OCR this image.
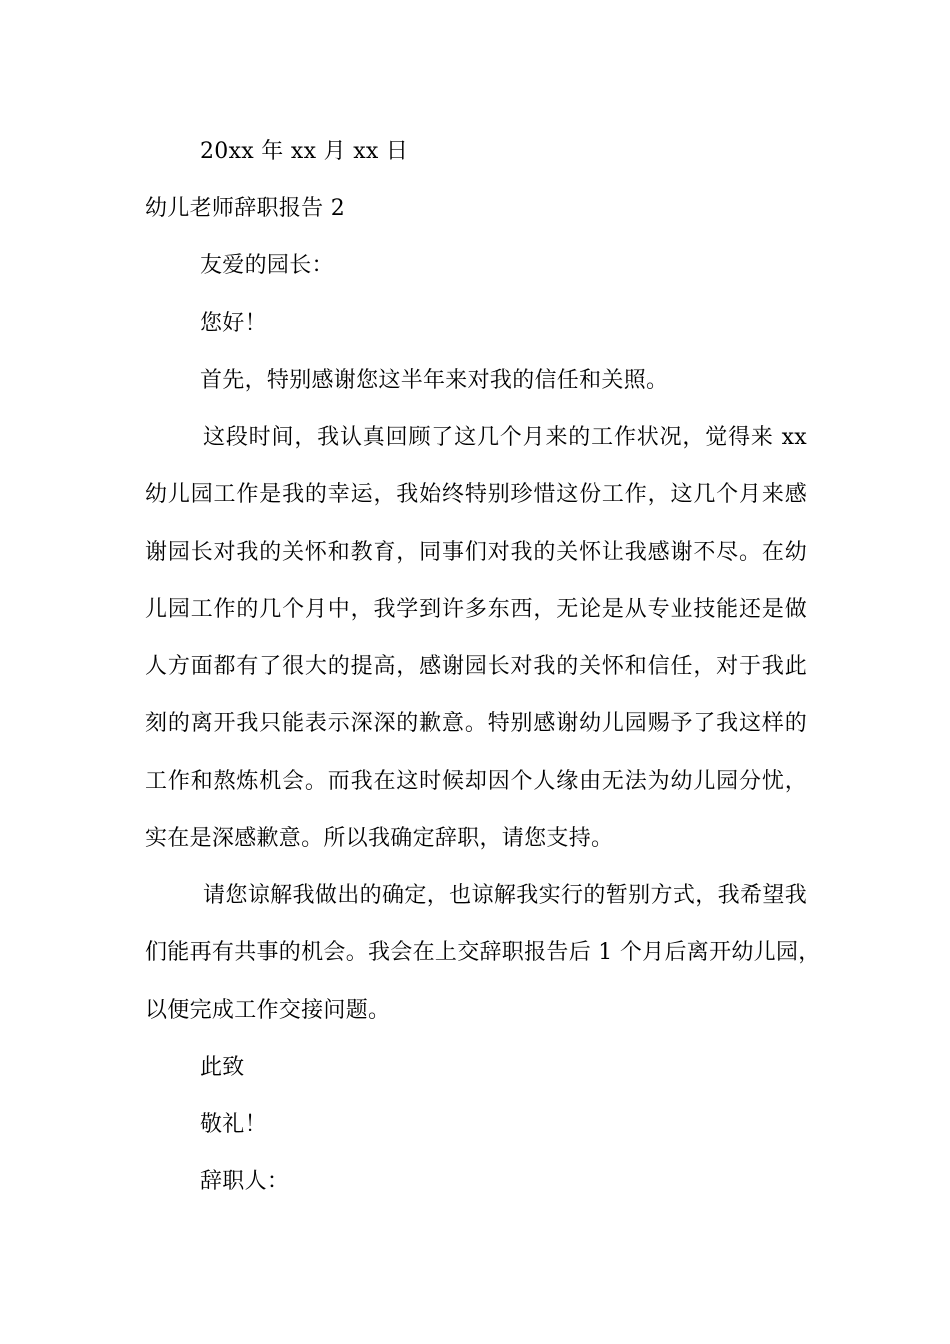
20xx 年 xx 月 xx 日
幼儿老师辞职报告 2
友爱的园长：
您好！
首先，特别感谢您这半年来对我的信任和关照。
这段时间，我认真回顾了这几个月来的工作状况，觉得来 xx
幼儿园工作是我的幸运，我始终特别珍惜这份工作，这几个月来感
谢园长对我的关怀和教育，同事们对我的关怀让我感谢不尽。在幼
儿园工作的几个月中，我学到许多东西，无论是从专业技能还是做
人方面都有了很大的提高，感谢园长对我的关怀和信任，对于我此
刻的离开我只能表示深深的歉意。特别感谢幼儿园赐予了我这样的
工作和熬炼机会。而我在这时候却因个人缘由无法为幼儿园分忧，
实在是深感歉意。所以我确定辞职，请您支持。
请您谅解我做出的确定，也谅解我实行的暂别方式，我希望我
们能再有共事的机会。我会在上交辞职报告后 1 个月后离开幼儿园，
以便完成工作交接问题。
此致
敬礼！
辞职人：
